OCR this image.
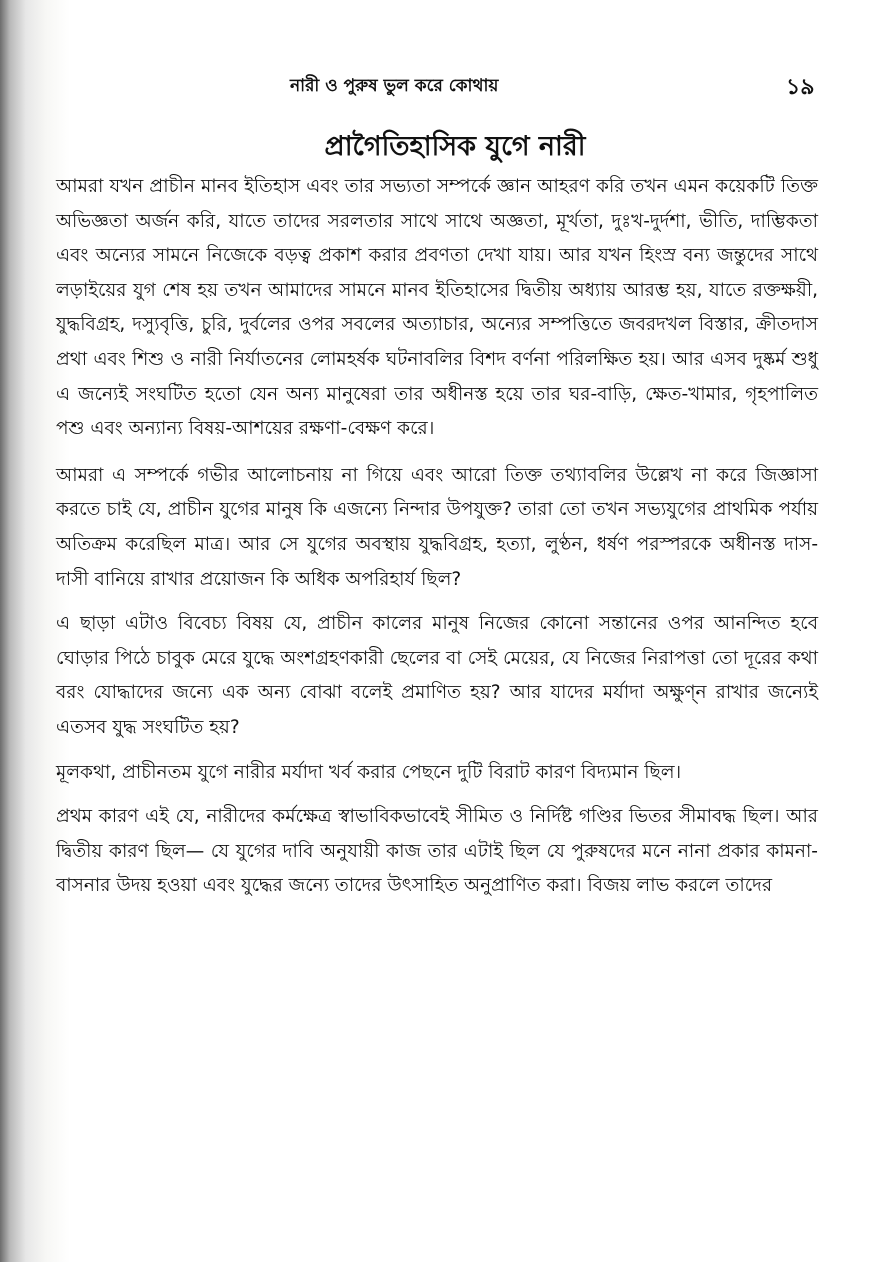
নারী ও পুরুষ ভুল করে কোথায়	১৯
প্রাগৈতিহাসিক যুগে নারী

আমরা যখন প্রাচীন মানব ইতিহাস এবং তার সভ্যতা সম্পর্কে জ্ঞান আহরণ করি তখন এমন কয়েকটি তিক্ত অভিজ্ঞতা অর্জন করি, যাতে তাদের সরলতার সাথে সাথে অজ্ঞতা, মূর্খতা, দুঃখ-দুর্দশা, ভীতি, দাম্ভিকতা এবং অন্যের সামনে নিজেকে বড়ত্ব প্রকাশ করার প্রবণতা দেখা যায়। আর যখন হিংস্র বন্য জন্তুদের সাথে লড়াইয়ের যুগ শেষ হয় তখন আমাদের সামনে মানব ইতিহাসের দ্বিতীয় অধ্যায় আরম্ভ হয়, যাতে রক্তক্ষয়ী, যুদ্ধবিগ্রহ, দস্যুবৃত্তি, চুরি, দুর্বলের ওপর সবলের অত্যাচার, অন্যের সম্পত্তিতে জবরদখল বিস্তার, ক্রীতদাস প্রথা এবং শিশু ও নারী নির্যাতনের লোমহর্ষক ঘটনাবলির বিশদ বর্ণনা পরিলক্ষিত হয়। আর এসব দুষ্কর্ম শুধু এ জন্যেই সংঘটিত হতো যেন অন্য মানুষেরা তার অধীনস্ত হয়ে তার ঘর-বাড়ি, ক্ষেত-খামার, গৃহপালিত পশু এবং অন্যান্য বিষয়-আশয়ের রক্ষণা-বেক্ষণ করে।

আমরা এ সম্পর্কে গভীর আলোচনায় না গিয়ে এবং আরো তিক্ত তথ্যাবলির উল্লেখ না করে জিজ্ঞাসা করতে চাই যে, প্রাচীন যুগের মানুষ কি এজন্যে নিন্দার উপযুক্ত? তারা তো তখন সভ্যযুগের প্রাথমিক পর্যায় অতিক্রম করেছিল মাত্র। আর সে যুগের অবস্থায় যুদ্ধবিগ্রহ, হত্যা, লুণ্ঠন, ধর্ষণ পরস্পরকে অধীনস্ত দাস-দাসী বানিয়ে রাখার প্রয়োজন কি অধিক অপরিহার্য ছিল?

এ ছাড়া এটাও বিবেচ্য বিষয় যে, প্রাচীন কালের মানুষ নিজের কোনো সন্তানের ওপর আনন্দিত হবে ঘোড়ার পিঠে চাবুক মেরে যুদ্ধে অংশগ্রহণকারী ছেলের বা সেই মেয়ের, যে নিজের নিরাপত্তা তো দূরের কথা বরং যোদ্ধাদের জন্যে এক অন্য বোঝা বলেই প্রমাণিত হয়? আর যাদের মর্যাদা অক্ষুণ্ন রাখার জন্যেই এতসব যুদ্ধ সংঘটিত হয়?

মূলকথা, প্রাচীনতম যুগে নারীর মর্যাদা খর্ব করার পেছনে দুটি বিরাট কারণ বিদ্যমান ছিল।

প্রথম কারণ এই যে, নারীদের কর্মক্ষেত্র স্বাভাবিকভাবেই সীমিত ও নির্দিষ্ট গণ্ডির ভিতর সীমাবদ্ধ ছিল। আর দ্বিতীয় কারণ ছিল— যে যুগের দাবি অনুযায়ী কাজ তার এটাই ছিল যে পুরুষদের মনে নানা প্রকার কামনা-বাসনার উদয় হওয়া এবং যুদ্ধের জন্যে তাদের উৎসাহিত অনুপ্রাণিত করা। বিজয় লাভ করলে তাদের
